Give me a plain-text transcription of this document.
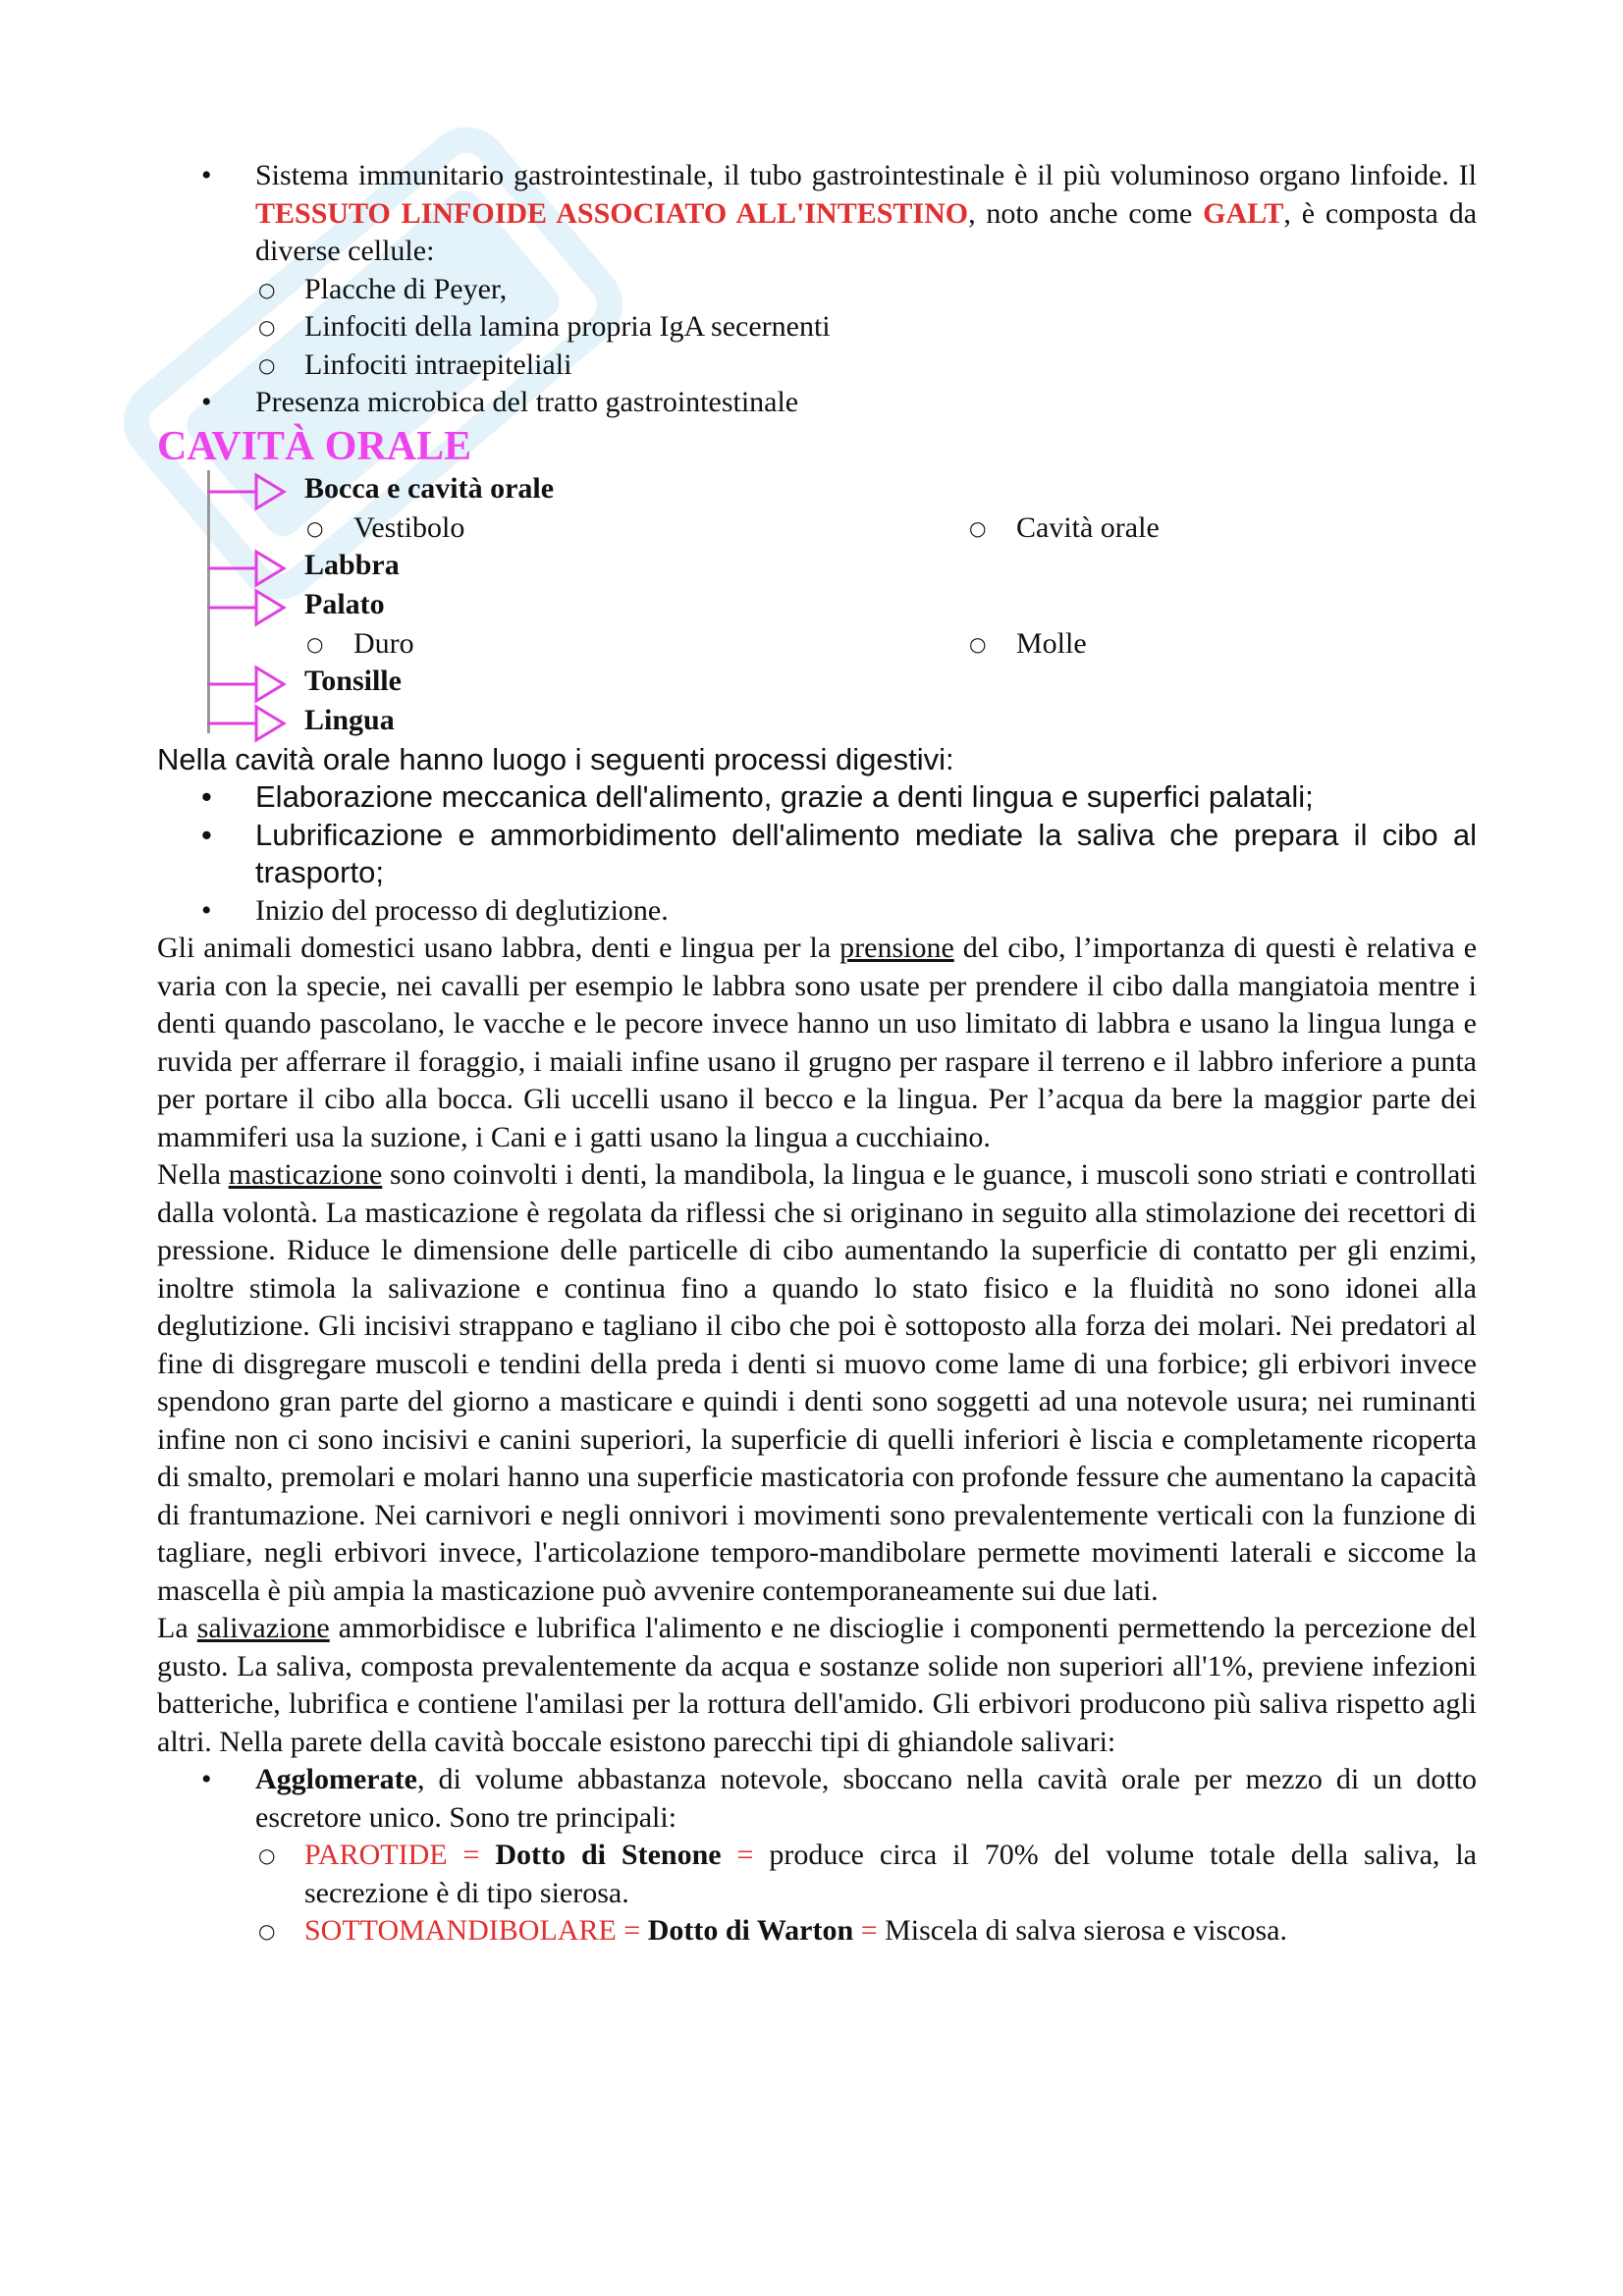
• Sistema immunitario gastrointestinale, il tubo gastrointestinale è il più voluminoso organo linfoide. Il TESSUTO LINFOIDE ASSOCIATO ALL'INTESTINO, noto anche come GALT, è composta da diverse cellule:
○ Placche di Peyer,
○ Linfociti della lamina propria IgA secernenti
○ Linfociti intraepiteliali
• Presenza microbica del tratto gastrointestinale
CAVITÀ ORALE
Bocca e cavità orale
○ Vestibolo	○ Cavità orale
Labbra
Palato
○ Duro	○ Molle
Tonsille
Lingua

Nella cavità orale hanno luogo i seguenti processi digestivi:

• Elaborazione meccanica dell'alimento, grazie a denti lingua e superfici palatali;
• Lubrificazione e ammorbidimento dell'alimento mediate la saliva che prepara il cibo al trasporto;
• Inizio del processo di deglutizione.

Gli animali domestici usano labbra, denti e lingua per la prensione del cibo, l’importanza di questi è relativa e varia con la specie, nei cavalli per esempio le labbra sono usate per prendere il cibo dalla mangiatoia mentre i denti quando pascolano, le vacche e le pecore invece hanno un uso limitato di labbra e usano la lingua lunga e ruvida per afferrare il foraggio, i maiali infine usano il grugno per raspare il terreno e il labbro inferiore a punta per portare il cibo alla bocca. Gli uccelli usano il becco e la lingua. Per l’acqua da bere la maggior parte dei mammiferi usa la suzione, i Cani e i gatti usano la lingua a cucchiaino.

Nella masticazione sono coinvolti i denti, la mandibola, la lingua e le guance, i muscoli sono striati e controllati dalla volontà. La masticazione è regolata da riflessi che si originano in seguito alla stimolazione dei recettori di pressione. Riduce le dimensione delle particelle di cibo aumentando la superficie di contatto per gli enzimi, inoltre stimola la salivazione e continua fino a quando lo stato fisico e la fluidità no sono idonei alla deglutizione. Gli incisivi strappano e tagliano il cibo che poi è sottoposto alla forza dei molari. Nei predatori al fine di disgregare muscoli e tendini della preda i denti si muovo come lame di una forbice; gli erbivori invece spendono gran parte del giorno a masticare e quindi i denti sono soggetti ad una notevole usura; nei ruminanti infine non ci sono incisivi e canini superiori, la superficie di quelli inferiori è liscia e completamente ricoperta di smalto, premolari e molari hanno una superficie masticatoria con profonde fessure che aumentano la capacità di frantumazione. Nei carnivori e negli onnivori i movimenti sono prevalentemente verticali con la funzione di tagliare, negli erbivori invece, l'articolazione temporo-mandibolare permette movimenti laterali e siccome la mascella è più ampia la masticazione può avvenire contemporaneamente sui due lati.

La salivazione ammorbidisce e lubrifica l'alimento e ne discioglie i componenti permettendo la percezione del gusto. La saliva, composta prevalentemente da acqua e sostanze solide non superiori all'1%, previene infezioni batteriche, lubrifica e contiene l'amilasi per la rottura dell'amido. Gli erbivori producono più saliva rispetto agli altri. Nella parete della cavità boccale esistono parecchi tipi di ghiandole salivari:

• Agglomerate, di volume abbastanza notevole, sboccano nella cavità orale per mezzo di un dotto escretore unico. Sono tre principali:
○ PAROTIDE = Dotto di Stenone = produce circa il 70% del volume totale della saliva, la secrezione è di tipo sierosa.
○ SOTTOMANDIBOLARE = Dotto di Warton = Miscela di salva sierosa e viscosa.
